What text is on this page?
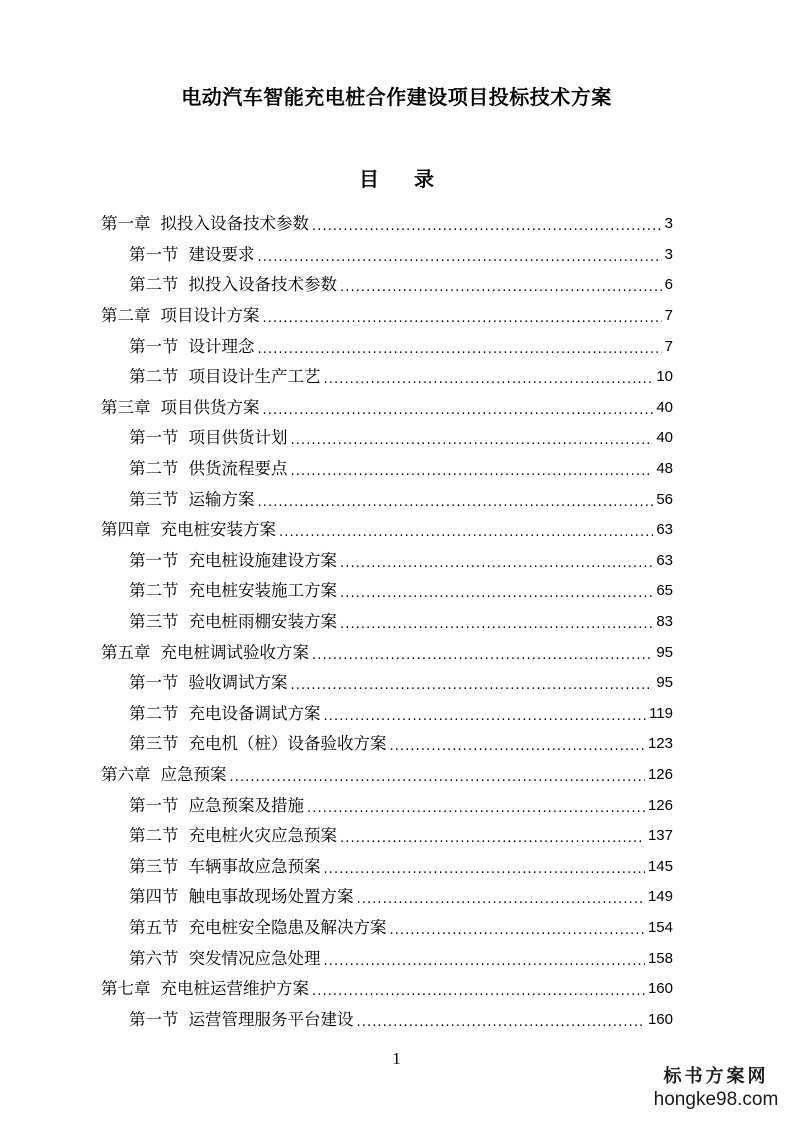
电动汽车智能充电桩合作建设项目投标技术方案
目 录
第一章 拟投入设备技术参数 .....	3
第一节 建设要求 .....	3
第二节 拟投入设备技术参数 .....	6
第二章 项目设计方案 .....	7
第一节 设计理念 .....	7
第二节 项目设计生产工艺 .....	10
第三章 项目供货方案 .....	40
第一节 项目供货计划 .....	40
第二节 供货流程要点 .....	48
第三节 运输方案 .....	56
第四章 充电桩安装方案 .....	63
第一节 充电桩设施建设方案 .....	63
第二节 充电桩安装施工方案 .....	65
第三节 充电桩雨棚安装方案 .....	83
第五章 充电桩调试验收方案 .....	95
第一节 验收调试方案 .....	95
第二节 充电设备调试方案 .....	119
第三节 充电机（桩）设备验收方案 .....	123
第六章 应急预案 .....	126
第一节 应急预案及措施 .....	126
第二节 充电桩火灾应急预案 .....	137
第三节 车辆事故应急预案 .....	145
第四节 触电事故现场处置方案 .....	149
第五节 充电桩安全隐患及解决方案 .....	154
第六节 突发情况应急处理 .....	158
第七章 充电桩运营维护方案 .....	160
第一节 运营管理服务平台建设 .....	160
1
标书方案网
hongke98.com
